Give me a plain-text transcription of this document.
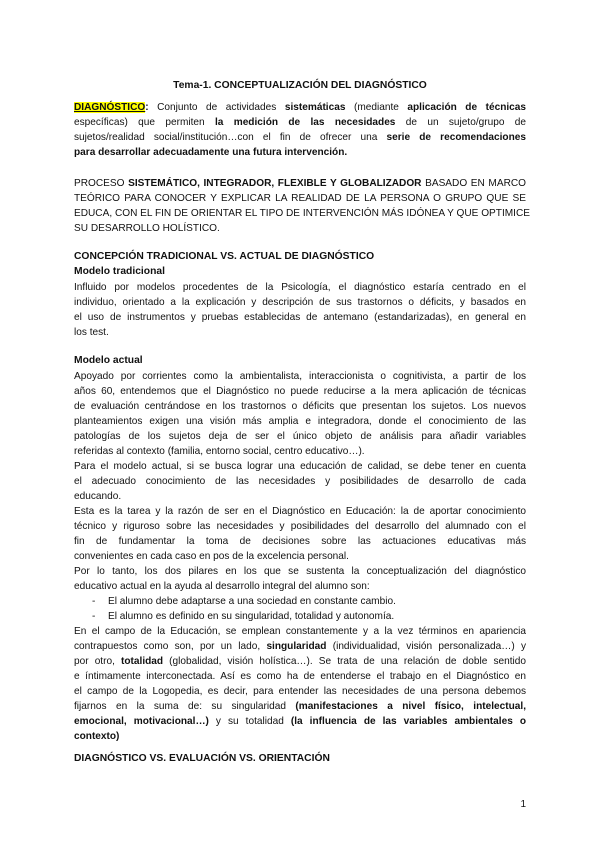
Tema-1. CONCEPTUALIZACIÓN DEL DIAGNÓSTICO
DIAGNÓSTICO: Conjunto de actividades sistemáticas (mediante aplicación de técnicas
específicas) que permiten la medición de las necesidades de un sujeto/grupo de
sujetos/realidad social/institución…con el fin de ofrecer una serie de recomendaciones
para desarrollar adecuadamente una futura intervención.
PROCESO SISTEMÁTICO, INTEGRADOR, FLEXIBLE Y GLOBALIZADOR BASADO EN MARCO
TEÓRICO PARA CONOCER Y EXPLICAR LA REALIDAD DE LA PERSONA O GRUPO QUE SE
EDUCA, CON EL FIN DE ORIENTAR EL TIPO DE INTERVENCIÓN MÁS IDÓNEA Y QUE OPTIMICE
SU DESARROLLO HOLÍSTICO.
CONCEPCIÓN TRADICIONAL VS. ACTUAL DE DIAGNÓSTICO
Modelo tradicional
Influido por modelos procedentes de la Psicología, el diagnóstico estaría centrado en el
individuo, orientado a la explicación y descripción de sus trastornos o déficits, y basados en
el uso de instrumentos y pruebas establecidas de antemano (estandarizadas), en general en
los test.
Modelo actual
Apoyado por corrientes como la ambientalista, interaccionista o cognitivista, a partir de los
años 60, entendemos que el Diagnóstico no puede reducirse a la mera aplicación de técnicas
de evaluación centrándose en los trastornos o déficits que presentan los sujetos. Los nuevos
planteamientos exigen una visión más amplia e integradora, donde el conocimiento de las
patologías de los sujetos deja de ser el único objeto de análisis para añadir variables
referidas al contexto (familia, entorno social, centro educativo…).
Para el modelo actual, si se busca lograr una educación de calidad, se debe tener en cuenta
el adecuado conocimiento de las necesidades y posibilidades de desarrollo de cada
educando.
Esta es la tarea y la razón de ser en el Diagnóstico en Educación: la de aportar conocimiento
técnico y riguroso sobre las necesidades y posibilidades del desarrollo del alumnado con el
fin de fundamentar la toma de decisiones sobre las actuaciones educativas más
convenientes en cada caso en pos de la excelencia personal.
Por lo tanto, los dos pilares en los que se sustenta la conceptualización del diagnóstico
educativo actual en la ayuda al desarrollo integral del alumno son:
- El alumno debe adaptarse a una sociedad en constante cambio.
- El alumno es definido en su singularidad, totalidad y autonomía.
En el campo de la Educación, se emplean constantemente y a la vez términos en apariencia
contrapuestos como son, por un lado, singularidad (individualidad, visión personalizada…) y
por otro, totalidad (globalidad, visión holística…). Se trata de una relación de doble sentido
e íntimamente interconectada. Así es como ha de entenderse el trabajo en el Diagnóstico en
el campo de la Logopedia, es decir, para entender las necesidades de una persona debemos
fijarnos en la suma de: su singularidad (manifestaciones a nivel físico, intelectual,
emocional, motivacional…) y su totalidad (la influencia de las variables ambientales o
contexto)
DIAGNÓSTICO VS. EVALUACIÓN VS. ORIENTACIÓN
1
